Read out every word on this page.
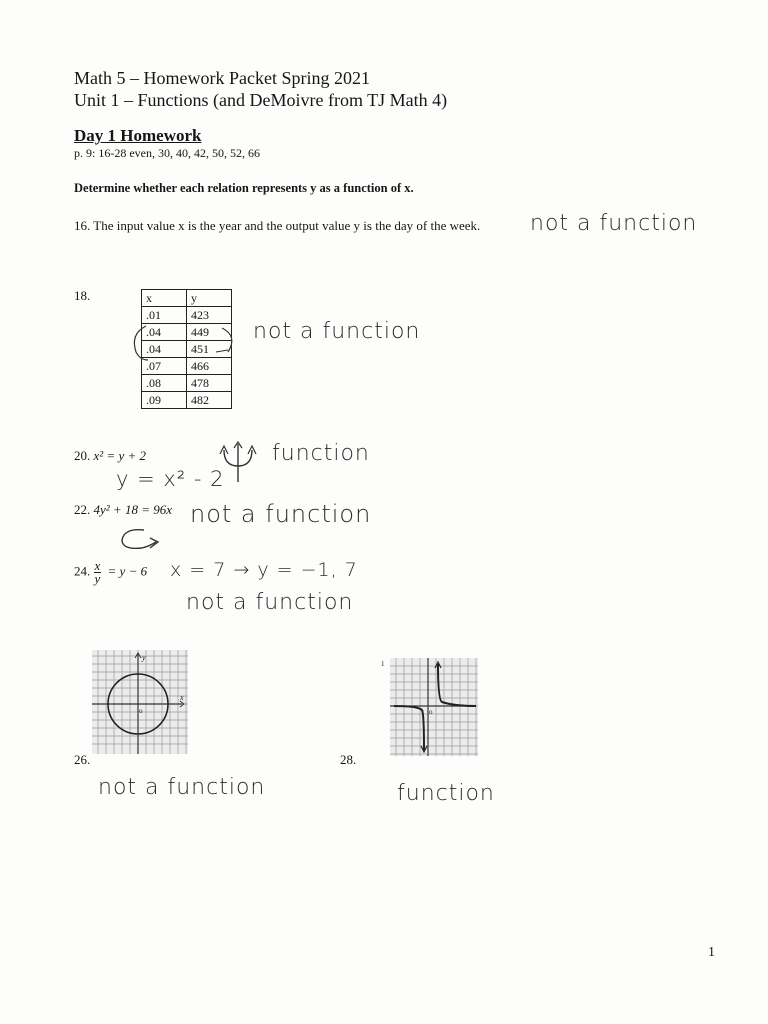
Math 5 – Homework Packet Spring 2021
Unit 1 – Functions (and DeMoivre from TJ Math 4)
Day 1 Homework
p. 9: 16-28 even, 30, 40, 42, 50, 52, 66
Determine whether each relation represents y as a function of x.
16. The input value x is the year and the output value y is the day of the week. not a function
18.	x	y
.01	423
.04	449
.04	451
.07	466
.08	478
.09	482
not a function
20. x² = y + 2
y = x² - 2
function
22. 4y² + 18 = 96x not a function
24. $\frac{x}{y} = y - 6$ x = 7 → y = −1, 7
not a function
y
x
o
26.
not a function
1
o
28.
function
1
